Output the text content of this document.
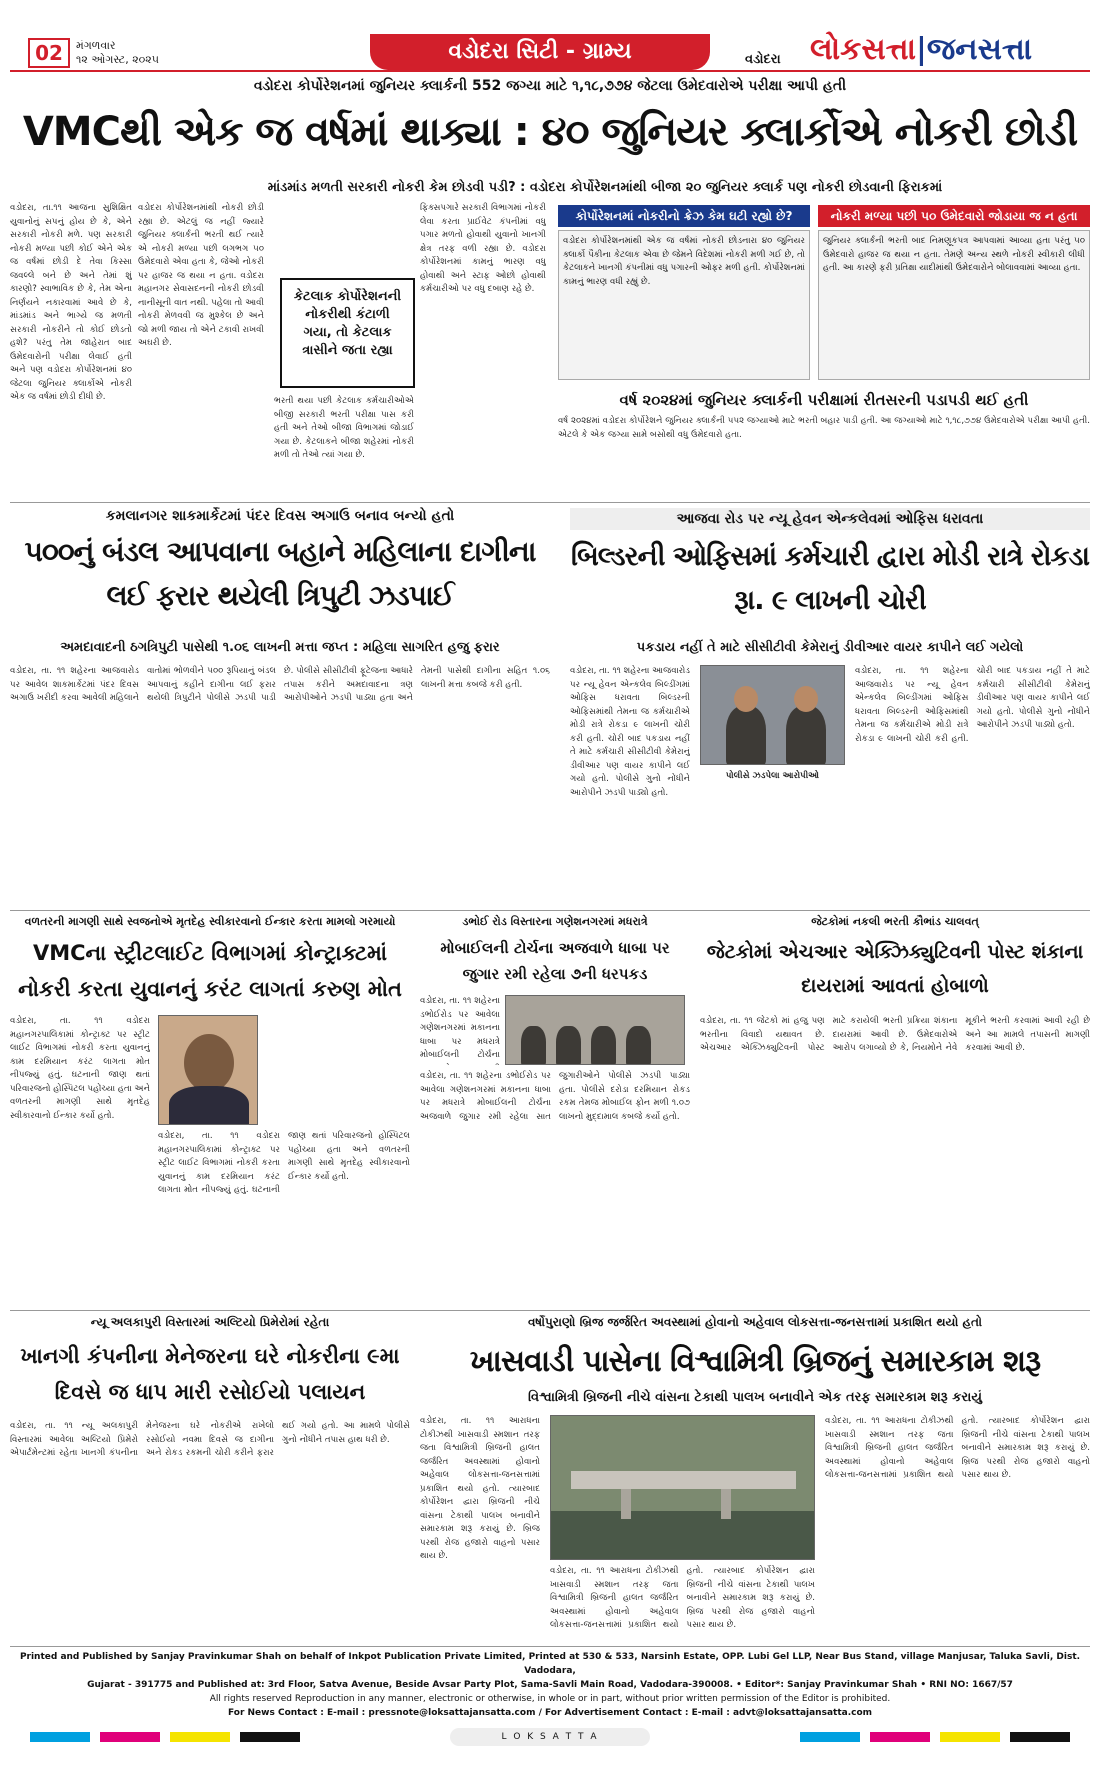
02	મંગળવાર
૧૨ ઓગસ્ટ, ૨૦૨૫	વડોદરા સિટી - ગ્રામ્ય	વડોદરા લોકસત્તા|જનસત્તા
વડોદરા કોર્પોરેશનમાં જુનિયર ક્લાર્કની 552 જગ્યા માટે ૧,૧૮,૭૭૪ જેટલા ઉમેદવારોએ પરીક્ષા આપી હતી
VMCથી એક જ વર્ષમાં થાક્યા : ૪૦ જુનિયર ક્લાર્કોએ નોકરી છોડી
માંડમાંડ મળતી સરકારી નોકરી કેમ છોડવી પડી? : વડોદરા કોર્પોરેશનમાંથી બીજા ૨૦ જુનિયર ક્લાર્ક પણ નોકરી છોડવાની ફિરાકમાં
વડોદરા, તા.૧૧ આજના સુશિક્ષિત યુવાનોનું સપનું હોય છે કે, એને સરકારી નોકરી મળે. પણ સરકારી નોકરી મળ્યા પછી કોઈ એને એક જ વર્ષમાં છોડી દે તેવા કિસ્સા જવલ્લે બને છે અને તેમાં શું કારણો? સ્વાભાવિક છે કે, તેમ એના નિર્ણયને નકારવામાં આવે છે કે, માંડમાંડ અને ભાગ્યે જ મળતી સરકારી નોકરીને તો કોઈ છોડતો હશે? પરંતુ તેમ જાહેરાત બાદ ઉમેદવારોની પરીક્ષા લેવાઈ હતી અને પણ વડોદરા કોર્પોરેશનમાં ૪૦ જેટલા જુનિયર ક્લાર્કોએ નોકરી એક જ વર્ષમાં છોડી દીધી છે.
વડોદરા કોર્પોરેશનમાંથી નોકરી છોડી રહ્યા છે. એટલું જ નહીં જ્યારે જુનિયર ક્લાર્કની ભરતી થઈ ત્યારે એ નોકરી મળ્યા પછી લગભગ ૫૦ ઉમેદવારો એવા હતા કે, જેઓ નોકરી પર હાજર જ થયા ન હતા. વડોદરા મહાનગર સેવાસદનની નોકરી છોડવી નાનીસૂની વાત નથી. પહેલા તો આવી નોકરી મેળવવી જ મુશ્કેલ છે અને જો મળી જાય તો એને ટકાવી રાખવી અઘરી છે.
કેટલાક કોર્પોરેશનની નોકરીથી કંટાળી ગયા, તો કેટલાક ત્રાસીને જતા રહ્યા
ફિક્સપગારે સરકારી વિભાગમાં નોકરી લેવા કરતા પ્રાઈવેટ કંપનીમાં વધુ પગાર મળતો હોવાથી યુવાનો ખાનગી ક્ષેત્ર તરફ વળી રહ્યા છે. વડોદરા કોર્પોરેશનમાં કામનું ભારણ વધુ હોવાથી અને સ્ટાફ ઓછો હોવાથી કર્મચારીઓ પર વધુ દબાણ રહે છે.
ભરતી થયા પછી કેટલાક કર્મચારીઓએ બીજી સરકારી ભરતી પરીક્ષા પાસ કરી હતી અને તેઓ બીજા વિભાગમાં જોડાઈ ગયા છે. કેટલાકને બીજા શહેરમાં નોકરી મળી તો તેઓ ત્યાં ગયા છે.
કોર્પોરેશનમાં નોકરીનો ક્રેઝ કેમ ઘટી રહ્યો છે?
વડોદરા કોર્પોરેશનમાંથી એક જ વર્ષમાં નોકરી છોડનારા ૪૦ જુનિયર ક્લાર્કો પૈકીના કેટલાક એવા છે જેમને વિદેશમાં નોકરી મળી ગઈ છે, તો કેટલાકને ખાનગી કંપનીમાં વધુ પગારની ઓફર મળી હતી. કોર્પોરેશનમાં કામનું ભારણ વધી રહ્યું છે.
નોકરી મળ્યા પછી ૫૦ ઉમેદવારો જોડાયા જ ન હતા
જુનિયર ક્લાર્કની ભરતી બાદ નિમણૂકપત્ર આપવામાં આવ્યા હતા પરંતુ ૫૦ ઉમેદવારો હાજર જ થયા ન હતા. તેમણે અન્ય સ્થળે નોકરી સ્વીકારી લીધી હતી. આ કારણે ફરી પ્રતિક્ષા યાદીમાંથી ઉમેદવારોને બોલાવવામાં આવ્યા હતા.
વર્ષ ૨૦૨૪માં જુનિયર ક્લાર્કની પરીક્ષામાં રીતસરની પડાપડી થઈ હતી
વર્ષ ૨૦૨૪માં વડોદરા કોર્પોરેશને જુનિયર ક્લાર્કની ૫૫૨ જગ્યાઓ માટે ભરતી બહાર પાડી હતી. આ જગ્યાઓ માટે ૧,૧૮,૭૭૪ ઉમેદવારોએ પરીક્ષા આપી હતી. એટલે કે એક જગ્યા સામે બસોથી વધુ ઉમેદવારો હતા.
કમલાનગર શાકમાર્કેટમાં પંદર દિવસ અગાઉ બનાવ બન્યો હતો
૫૦૦નું બંડલ આપવાના બહાને મહિલાના દાગીના લઈ ફરાર થયેલી ત્રિપુટી ઝડપાઈ
અમદાવાદની ઠગત્રિપુટી પાસેથી ૧.૦૬ લાખની મત્તા જપ્ત : મહિલા સાગરિત હજુ ફરાર
વડોદરા, તા. ૧૧ શહેરના આજવારોડ પર આવેલ શાકમાર્કેટમાં પંદર દિવસ અગાઉ ખરીદી કરવા આવેલી મહિલાને વાતોમાં ભોળવીને ૫૦૦ રૂપિયાનું બંડલ આપવાનું કહીને દાગીના લઈ ફરાર થયેલી ત્રિપુટીને પોલીસે ઝડપી પાડી છે. પોલીસે સીસીટીવી ફૂટેજના આધારે તપાસ કરીને અમદાવાદના ત્રણ આરોપીઓને ઝડપી પાડ્યા હતા અને તેમની પાસેથી દાગીના સહિત ૧.૦૬ લાખની મત્તા કબજે કરી હતી.
આજવા રોડ પર ન્યૂ હેવન એન્કલેવમાં ઓફિસ ધરાવતા
બિલ્ડરની ઓફિસમાં કર્મચારી દ્વારા મોડી રાત્રે રોકડા રૂા. ૯ લાખની ચોરી
પકડાય નહીં તે માટે સીસીટીવી કેમેરાનું ડીવીઆર વાયર કાપીને લઈ ગયેલો
વડોદરા, તા. ૧૧ શહેરના આજવારોડ પર ન્યૂ હેવન એન્કલેવ બિલ્ડીંગમાં ઓફિસ ધરાવતા બિલ્ડરની ઓફિસમાંથી તેમના જ કર્મચારીએ મોડી રાત્રે રોકડા ૯ લાખની ચોરી કરી હતી. ચોરી બાદ પકડાય નહીં તે માટે કર્મચારી સીસીટીવી કેમેરાનું ડીવીઆર પણ વાયર કાપીને લઈ ગયો હતો. પોલીસે ગુનો નોંધીને આરોપીને ઝડપી પાડ્યો હતો.
પોલીસે ઝડપેલા આરોપીઓ
વડોદરા, તા. ૧૧ શહેરના આજવારોડ પર ન્યૂ હેવન એન્કલેવ બિલ્ડીંગમાં ઓફિસ ધરાવતા બિલ્ડરની ઓફિસમાંથી તેમના જ કર્મચારીએ મોડી રાત્રે રોકડા ૯ લાખની ચોરી કરી હતી. ચોરી બાદ પકડાય નહીં તે માટે કર્મચારી સીસીટીવી કેમેરાનું ડીવીઆર પણ વાયર કાપીને લઈ ગયો હતો. પોલીસે ગુનો નોંધીને આરોપીને ઝડપી પાડ્યો હતો.
વળતરની માગણી સાથે સ્વજનોએ મૃતદેહ સ્વીકારવાનો ઈન્કાર કરતા મામલો ગરમાયો
VMCના સ્ટ્રીટલાઈટ વિભાગમાં કોન્ટ્રાક્ટમાં નોકરી કરતા યુવાનનું કરંટ લાગતાં કરુણ મોત
વડોદરા, તા. ૧૧ વડોદરા મહાનગરપાલિકામાં કોન્ટ્રાક્ટ પર સ્ટ્રીટ લાઈટ વિભાગમાં નોકરી કરતા યુવાનનું કામ દરમિયાન કરંટ લાગતા મોત નીપજ્યું હતું. ઘટનાની જાણ થતાં પરિવારજનો હોસ્પિટલ પહોંચ્યા હતા અને વળતરની માગણી સાથે મૃતદેહ સ્વીકારવાનો ઈન્કાર કર્યો હતો.
વડોદરા, તા. ૧૧ વડોદરા મહાનગરપાલિકામાં કોન્ટ્રાક્ટ પર સ્ટ્રીટ લાઈટ વિભાગમાં નોકરી કરતા યુવાનનું કામ દરમિયાન કરંટ લાગતા મોત નીપજ્યું હતું. ઘટનાની જાણ થતાં પરિવારજનો હોસ્પિટલ પહોંચ્યા હતા અને વળતરની માગણી સાથે મૃતદેહ સ્વીકારવાનો ઈન્કાર કર્યો હતો.
ડભોઈ રોડ વિસ્તારના ગણેશનગરમાં મધરાત્રે
મોબાઈલની ટોર્ચના અજવાળે ધાબા પર જુગાર રમી રહેલા ૭ની ધરપકડ
વડોદરા, તા. ૧૧ શહેરના ડભોઈરોડ પર આવેલા ગણેશનગરમાં મકાનના ધાબા પર મધરાત્રે મોબાઈલની ટોર્ચના
વડોદરા, તા. ૧૧ શહેરના ડભોઈરોડ પર આવેલા ગણેશનગરમાં મકાનના ધાબા પર મધરાત્રે મોબાઈલની ટોર્ચના અજવાળે જુગાર રમી રહેલા સાત જુગારીઓને પોલીસે ઝડપી પાડ્યા હતા. પોલીસે દરોડા દરમિયાન રોકડ રકમ તેમજ મોબાઈલ ફોન મળી ૧.૦૭ લાખનો મુદ્દામાલ કબજે કર્યો હતો.
જેટકોમાં નકલી ભરતી કૌભાંડ ચાલવત્
જેટકોમાં એચઆર એક્ઝિક્યુટિવની પોસ્ટ શંકાના દાયરામાં આવતાં હોબાળો
વડોદરા, તા. ૧૧ જેટકો માં હજુ પણ ભરતીના વિવાદો યથાવત છે. એચઆર એક્ઝિક્યુટિવની પોસ્ટ માટે કરાયેલી ભરતી પ્રક્રિયા શંકાના દાયરામાં આવી છે. ઉમેદવારોએ આરોપ લગાવ્યો છે કે, નિયમોને નેવે મૂકીને ભરતી કરવામાં આવી રહી છે અને આ મામલે તપાસની માગણી કરવામાં આવી છે.
ન્યૂ અલકાપુરી વિસ્તારમાં અલ્ટિયો પ્રિમેરોમાં રહેતા
ખાનગી કંપનીના મેનેજરના ઘરે નોકરીના ૯મા દિવસે જ ધાપ મારી રસોઈયો પલાયન
વડોદરા, તા. ૧૧ ન્યૂ અલકાપુરી વિસ્તારમાં આવેલા અલ્ટિયો પ્રિમેરો એપાર્ટમેન્ટમાં રહેતા ખાનગી કંપનીના મેનેજરના ઘરે નોકરીએ રાખેલો રસોઈયો નવમા દિવસે જ દાગીના અને રોકડ રકમની ચોરી કરીને ફરાર થઈ ગયો હતો. આ મામલે પોલીસે ગુનો નોંધીને તપાસ હાથ ધરી છે.
વર્ષોપુરાણો બ્રિજ જર્જરિત અવસ્થામાં હોવાનો અહેવાલ લોકસત્તા-જનસત્તામાં પ્રકાશિત થયો હતો
ખાસવાડી પાસેના વિશ્વામિત્રી બ્રિજનું સમારકામ શરૂ
વિશ્વામિત્રી બ્રિજની નીચે વાંસના ટેકાથી પાલખ બનાવીને એક તરફ સમારકામ શરૂ કરાયું
વડોદરા, તા. ૧૧ આરાધના ટોકીઝથી ખાસવાડી સ્મશાન તરફ જતા વિશ્વામિત્રી બ્રિજની હાલત જર્જરિત અવસ્થામાં હોવાનો અહેવાલ લોકસત્તા-જનસત્તામાં પ્રકાશિત થયો હતો. ત્યારબાદ કોર્પોરેશન દ્વારા બ્રિજની નીચે વાંસના ટેકાથી પાલખ બનાવીને સમારકામ શરૂ કરાયું છે. બ્રિજ પરથી રોજ હજારો વાહનો પસાર થાય છે.
વડોદરા, તા. ૧૧ આરાધના ટોકીઝથી ખાસવાડી સ્મશાન તરફ જતા વિશ્વામિત્રી બ્રિજની હાલત જર્જરિત અવસ્થામાં હોવાનો અહેવાલ લોકસત્તા-જનસત્તામાં પ્રકાશિત થયો હતો. ત્યારબાદ કોર્પોરેશન દ્વારા બ્રિજની નીચે વાંસના ટેકાથી પાલખ બનાવીને સમારકામ શરૂ કરાયું છે. બ્રિજ પરથી રોજ હજારો વાહનો પસાર થાય છે.
વડોદરા, તા. ૧૧ આરાધના ટોકીઝથી ખાસવાડી સ્મશાન તરફ જતા વિશ્વામિત્રી બ્રિજની હાલત જર્જરિત અવસ્થામાં હોવાનો અહેવાલ લોકસત્તા-જનસત્તામાં પ્રકાશિત થયો હતો. ત્યારબાદ કોર્પોરેશન દ્વારા બ્રિજની નીચે વાંસના ટેકાથી પાલખ બનાવીને સમારકામ શરૂ કરાયું છે. બ્રિજ પરથી રોજ હજારો વાહનો પસાર થાય છે.
Printed and Published by Sanjay Pravinkumar Shah on behalf of Inkpot Publication Private Limited, Printed at 530 & 533, Narsinh Estate, OPP. Lubi Gel LLP, Near Bus Stand, village Manjusar, Taluka Savli, Dist. Vadodara,
Gujarat - 391775 and Published at: 3rd Floor, Satva Avenue, Beside Avsar Party Plot, Sama-Savli Main Road, Vadodara-390008. • Editor*: Sanjay Pravinkumar Shah • RNI NO: 1667/57
All rights reserved Reproduction in any manner, electronic or otherwise, in whole or in part, without prior written permission of the Editor is prohibited.
For News Contact : E-mail : pressnote@loksattajansatta.com / For Advertisement Contact : E-mail : advt@loksattajansatta.com
L O K S A T T A
